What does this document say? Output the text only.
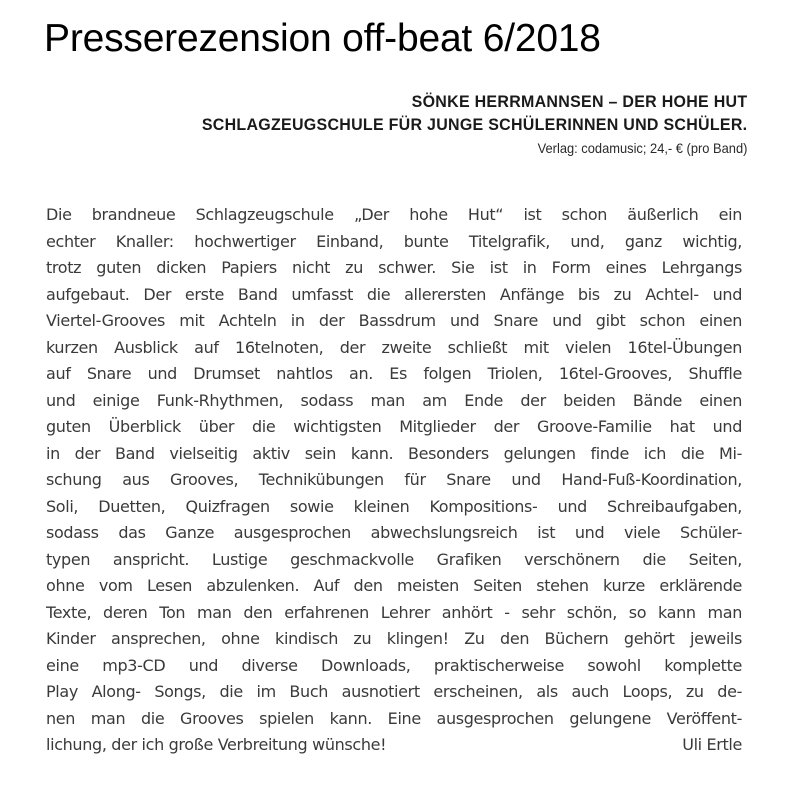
Presserezension off-beat 6/2018
SÖNKE HERRMANNSEN – DER HOHE HUT
SCHLAGZEUGSCHULE FÜR JUNGE SCHÜLERINNEN UND SCHÜLER.
Verlag: codamusic; 24,- € (pro Band)
Die brandneue Schlagzeugschule „Der hohe Hut“ ist schon äußerlich ein
echter Knaller: hochwertiger Einband, bunte Titelgrafik, und, ganz wichtig,
trotz guten dicken Papiers nicht zu schwer. Sie ist in Form eines Lehrgangs
aufgebaut. Der erste Band umfasst die allerersten Anfänge bis zu Achtel- und
Viertel-Grooves mit Achteln in der Bassdrum und Snare und gibt schon einen
kurzen Ausblick auf 16telnoten, der zweite schließt mit vielen 16tel-Übungen
auf Snare und Drumset nahtlos an. Es folgen Triolen, 16tel-Grooves, Shuffle
und einige Funk-Rhythmen, sodass man am Ende der beiden Bände einen
guten Überblick über die wichtigsten Mitglieder der Groove-Familie hat und
in der Band vielseitig aktiv sein kann. Besonders gelungen finde ich die Mi-
schung aus Grooves, Technikübungen für Snare und Hand-Fuß-Koordination,
Soli, Duetten, Quizfragen sowie kleinen Kompositions- und Schreibaufgaben,
sodass das Ganze ausgesprochen abwechslungsreich ist und viele Schüler-
typen anspricht. Lustige geschmackvolle Grafiken verschönern die Seiten,
ohne vom Lesen abzulenken. Auf den meisten Seiten stehen kurze erklärende
Texte, deren Ton man den erfahrenen Lehrer anhört - sehr schön, so kann man
Kinder ansprechen, ohne kindisch zu klingen! Zu den Büchern gehört jeweils
eine mp3-CD und diverse Downloads, praktischerweise sowohl komplette
Play Along- Songs, die im Buch ausnotiert erscheinen, als auch Loops, zu de-
nen man die Grooves spielen kann. Eine ausgesprochen gelungene Veröffent-
lichung, der ich große Verbreitung wünsche!	Uli Ertle
